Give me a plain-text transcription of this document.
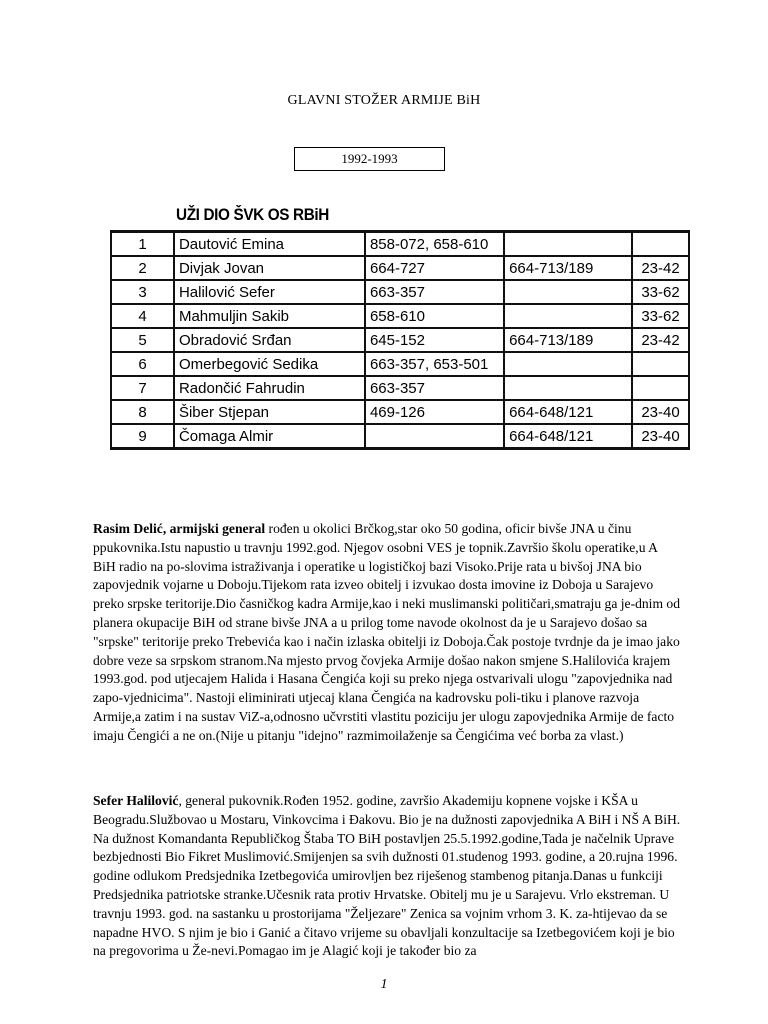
GLAVNI STOŽER ARMIJE BiH
1992-1993
UŽI DIO ŠVK OS RBiH
1	Dautović Emina	858-072, 658-610		
2	Divjak Jovan	664-727	664-713/189	23-42
3	Halilović Sefer	663-357		33-62
4	Mahmuljin Sakib	658-610		33-62
5	Obradović Srđan	645-152	664-713/189	23-42
6	Omerbegović Sedika	663-357, 653-501		
7	Radončić Fahrudin	663-357		
8	Šiber Stjepan	469-126	664-648/121	23-40
9	Čomaga Almir		664-648/121	23-40

Rasim Delić, armijski general rođen u okolici Brčkog,star oko 50 godina, oficir bivše JNA u činu ppukovnika.Istu napustio u travnju 1992.god. Njegov osobni VES je topnik.Završio školu operatike,u A BiH radio na po-slovima istraživanja i operatike u logističkoj bazi Visoko.Prije rata u bivšoj JNA bio zapovjednik vojarne u Doboju.Tijekom rata izveo obitelj i izvukao dosta imovine iz Doboja u Sarajevo preko srpske teritorije.Dio časničkog kadra Armije,kao i neki muslimanski političari,smatraju ga je-dnim od planera okupacije BiH od strane bivše JNA a u prilog tome navode okolnost da je u Sarajevo došao sa "srpske" teritorije preko Trebevića kao i način izlaska obitelji iz Doboja.Čak postoje tvrdnje da je imao jako dobre veze sa srpskom stranom.Na mjesto prvog čovjeka Armije došao nakon smjene S.Halilovića krajem 1993.god. pod utjecajem Halida i Hasana Čengića koji su preko njega ostvarivali ulogu "zapovjednika nad zapo-vjednicima". Nastoji eliminirati utjecaj klana Čengića na kadrovsku poli-tiku i planove razvoja Armije,a zatim i na sustav ViZ-a,odnosno učvrstiti vlastitu poziciju jer ulogu zapovjednika Armije de facto imaju Čengići a ne on.(Nije u pitanju "idejno" razmimoilaženje sa Čengićima već borba za vlast.)

Sefer Halilović, general pukovnik.Rođen 1952. godine, završio Akademiju kopnene vojske i KŠA u Beogradu.Službovao u Mostaru, Vinkovcima i Đakovu. Bio je na dužnosti zapovjednika A BiH i NŠ A BiH. Na dužnost Komandanta Republičkog Štaba TO BiH postavljen 25.5.1992.godine,Tada je načelnik Uprave bezbjednosti Bio Fikret Muslimović.Smijenjen sa svih dužnosti 01.studenog 1993. godine, a 20.rujna 1996. godine odlukom Predsjednika Izetbegovića umirovljen bez riješenog stambenog pitanja.Danas u funkciji Predsjednika patriotske stranke.Učesnik rata protiv Hrvatske. Obitelj mu je u Sarajevu. Vrlo ekstreman. U travnju 1993. god. na sastanku u prostorijama "Željezare" Zenica sa vojnim vrhom 3. K. za-htijevao da se napadne HVO. S njim je bio i Ganić a čitavo vrijeme su obavljali konzultacije sa Izetbegovićem koji je bio na pregovorima u Že-nevi.Pomagao im je Alagić koji je također bio za

1
